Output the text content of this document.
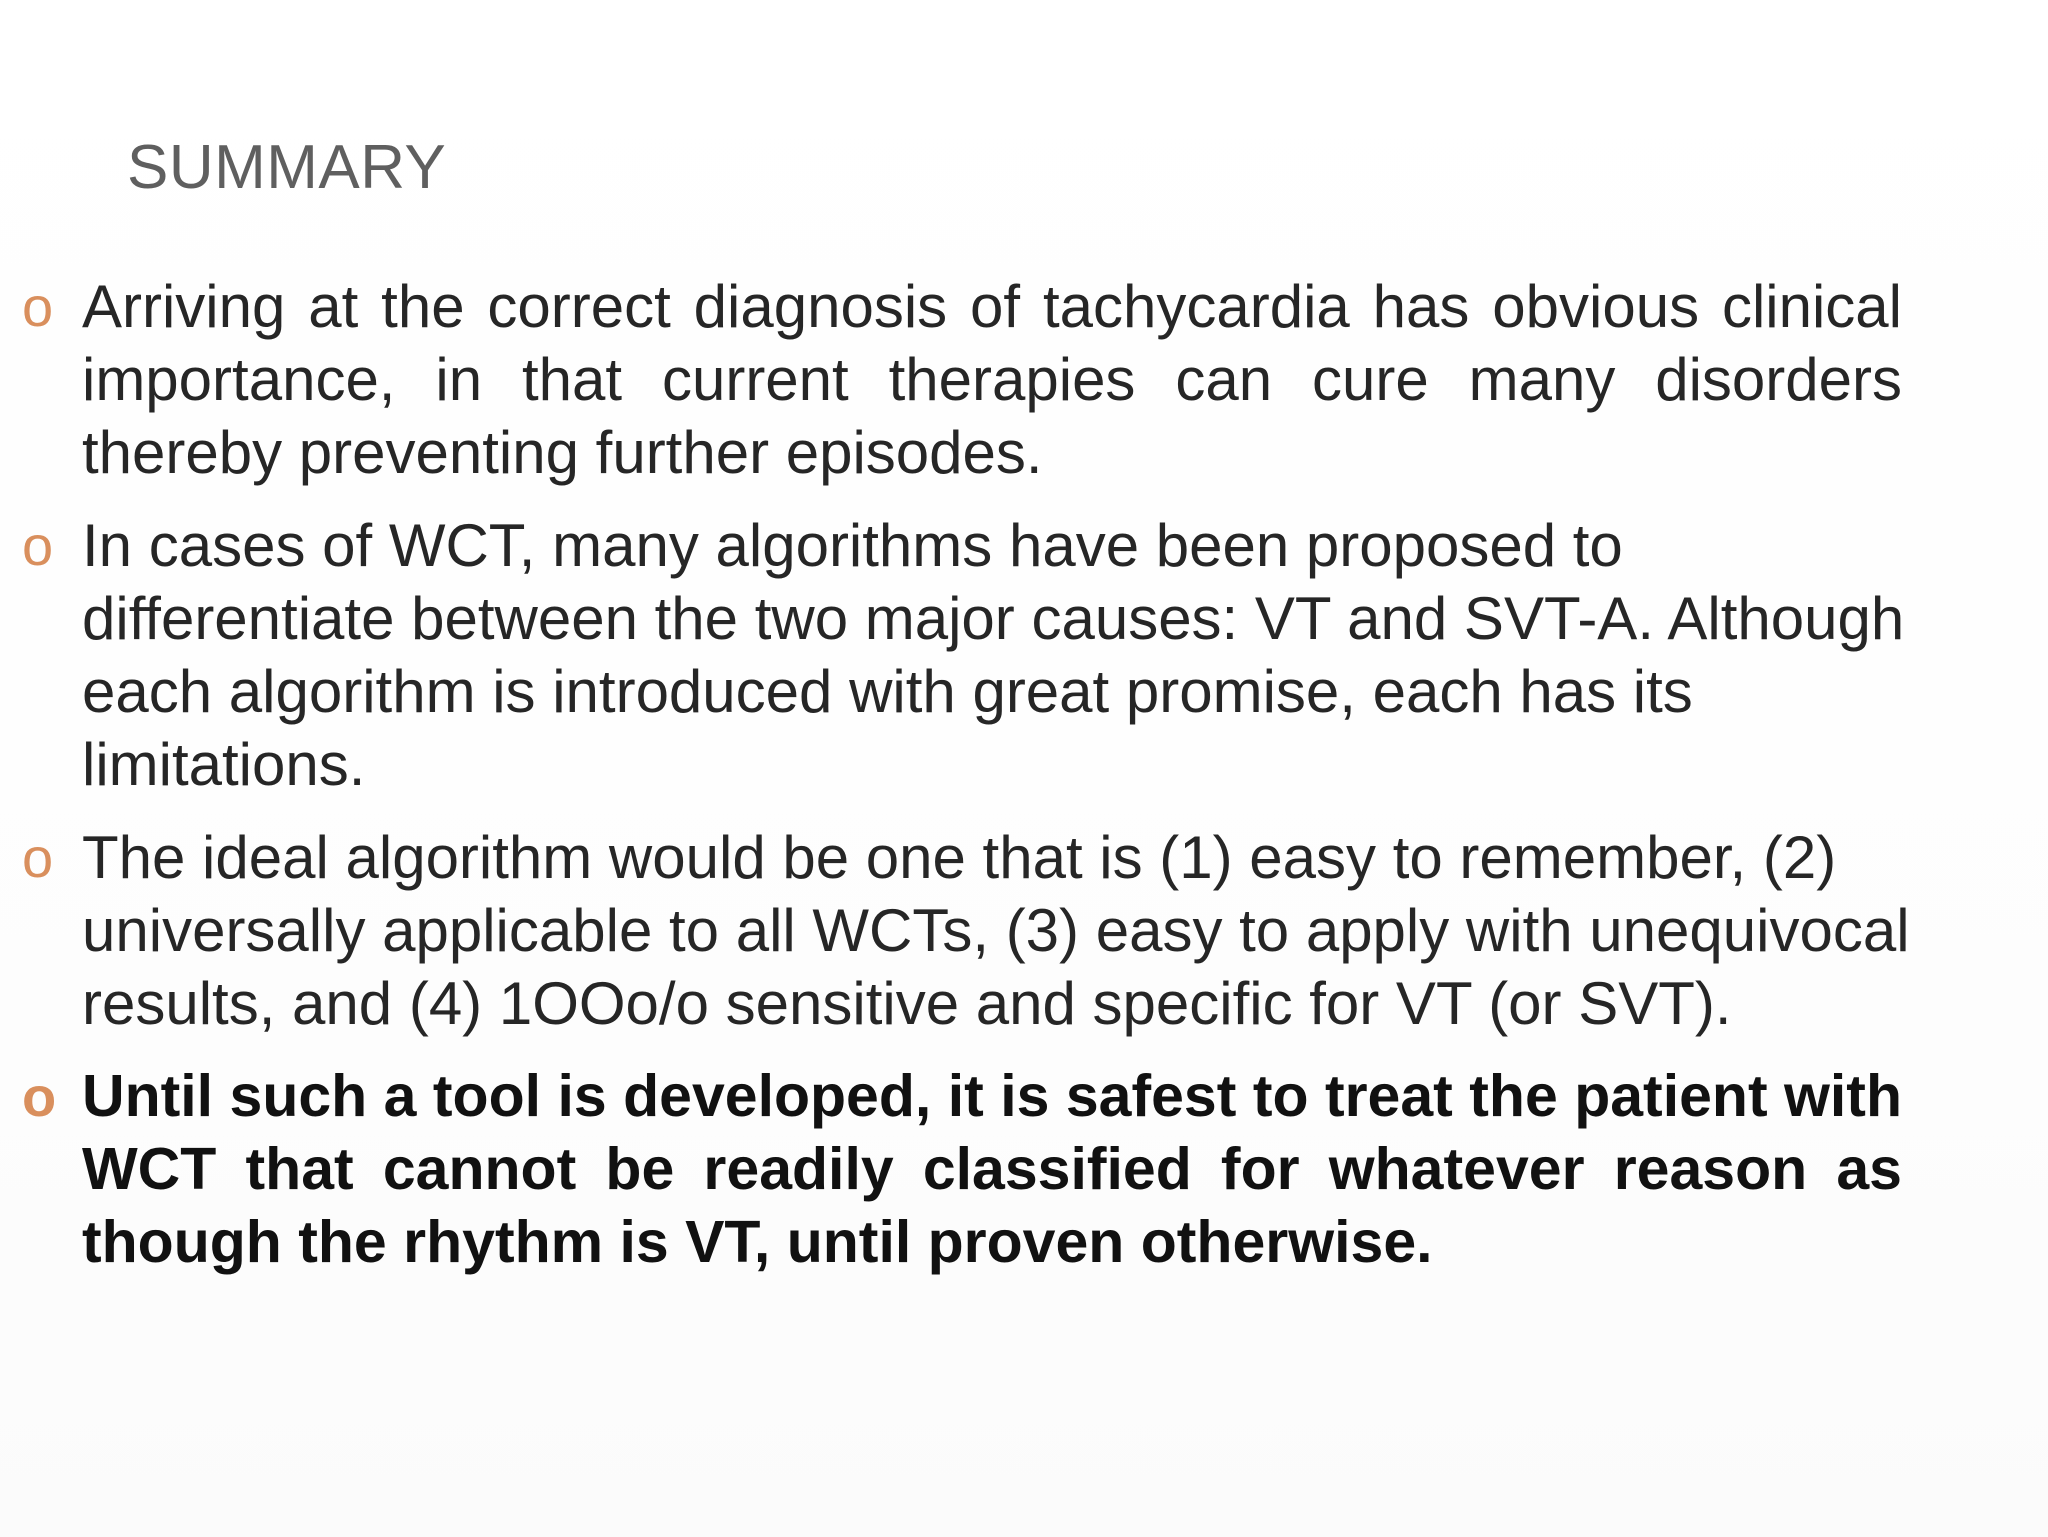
SUMMARY
o Arriving at the correct diagnosis of tachycardia has obvious clinical importance, in that current therapies can cure many disorders thereby preventing further episodes.
o In cases of WCT, many algorithms have been proposed to differentiate between the two major causes: VT and SVT-A. Although each algorithm is introduced with great promise, each has its limitations.
o The ideal algorithm would be one that is (1) easy to remember, (2) universally applicable to all WCTs, (3) easy to apply with unequivocal results, and (4) 1OOo/o sensitive and specific for VT (or SVT).
o Until such a tool is developed, it is safest to treat the patient with WCT that cannot be readily classified for whatever reason as though the rhythm is VT, until proven otherwise.
